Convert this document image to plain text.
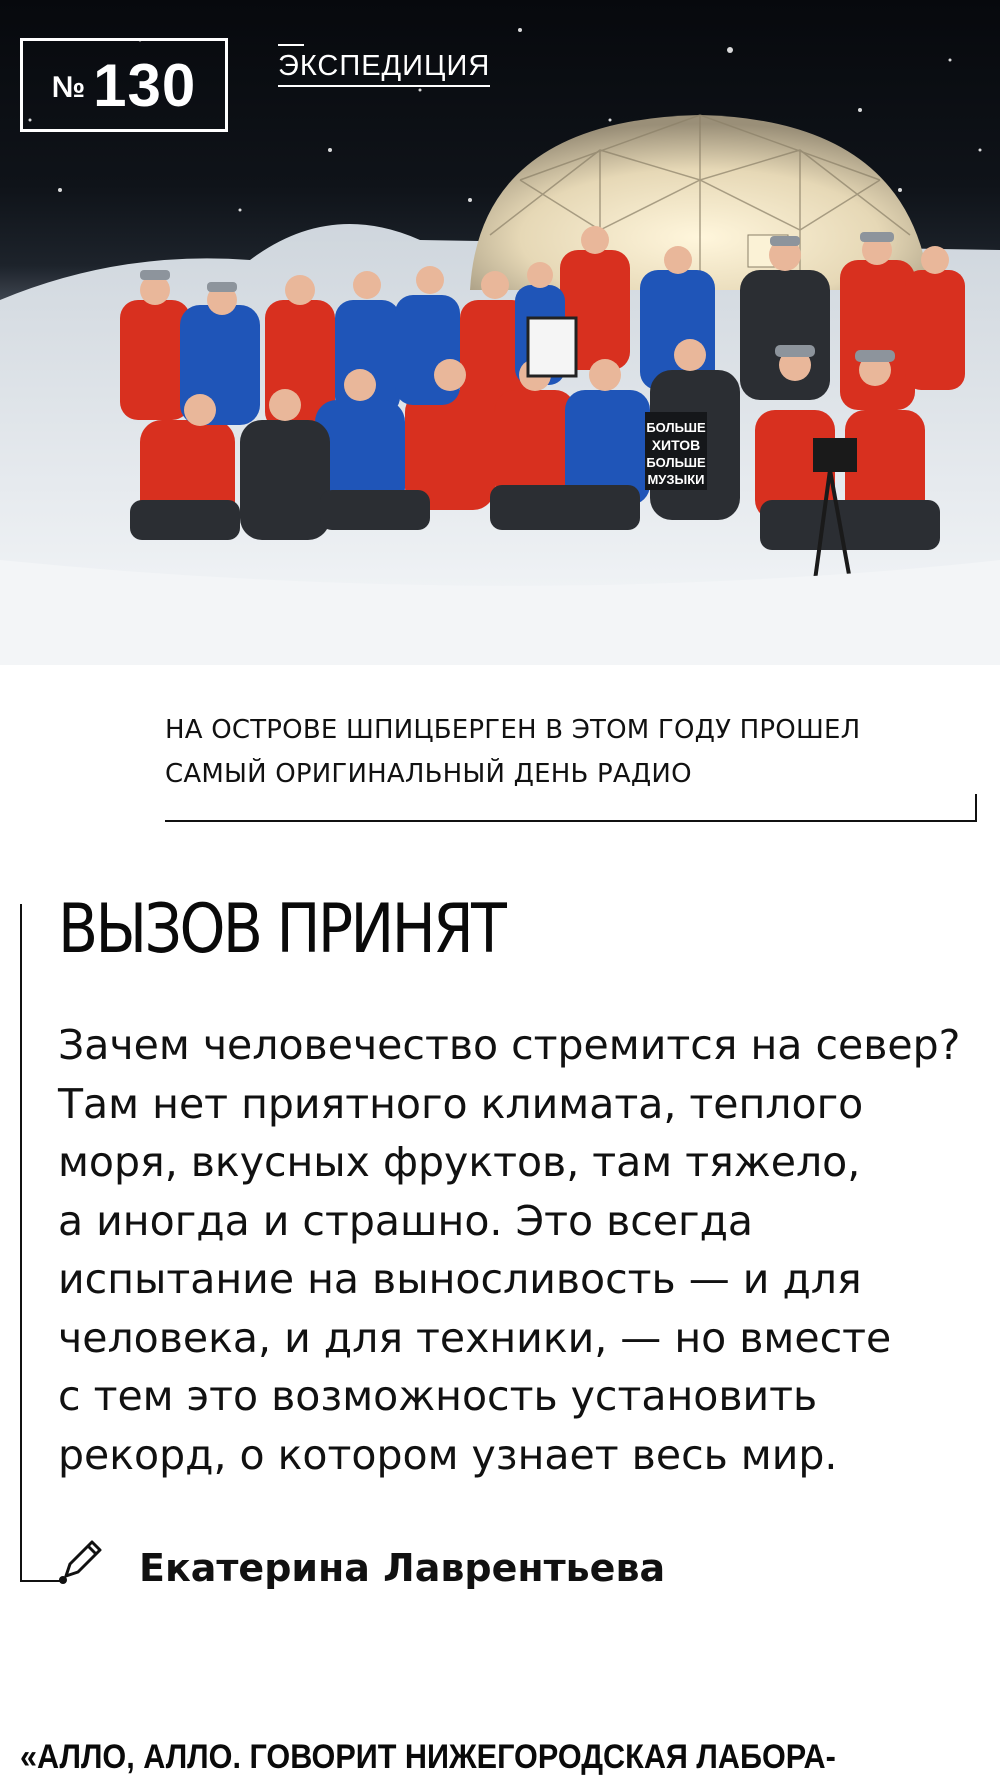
БОЛЬШЕ
ХИТОВ
БОЛЬШЕ
МУЗЫКИ
№ 130	ЭКСПЕДИЦИЯ
НА ОСТРОВЕ ШПИЦБЕРГЕН В ЭТОМ ГОДУ ПРОШЕЛ САМЫЙ ОРИГИНАЛЬНЫЙ ДЕНЬ РАДИО
ВЫЗОВ ПРИНЯТ
Зачем человечество стремится на север?
Там нет приятного климата, теплого
моря, вкусных фруктов, там тяжело,
а иногда и страшно. Это всегда
испытание на выносливость — и для
человека, и для техники, — но вместе
с тем это возможность установить
рекорд, о котором узнает весь мир.
Екатерина Лаврентьева
«АЛЛО, АЛЛО. ГОВОРИТ НИЖЕГОРОДСКАЯ ЛАБОРА-
